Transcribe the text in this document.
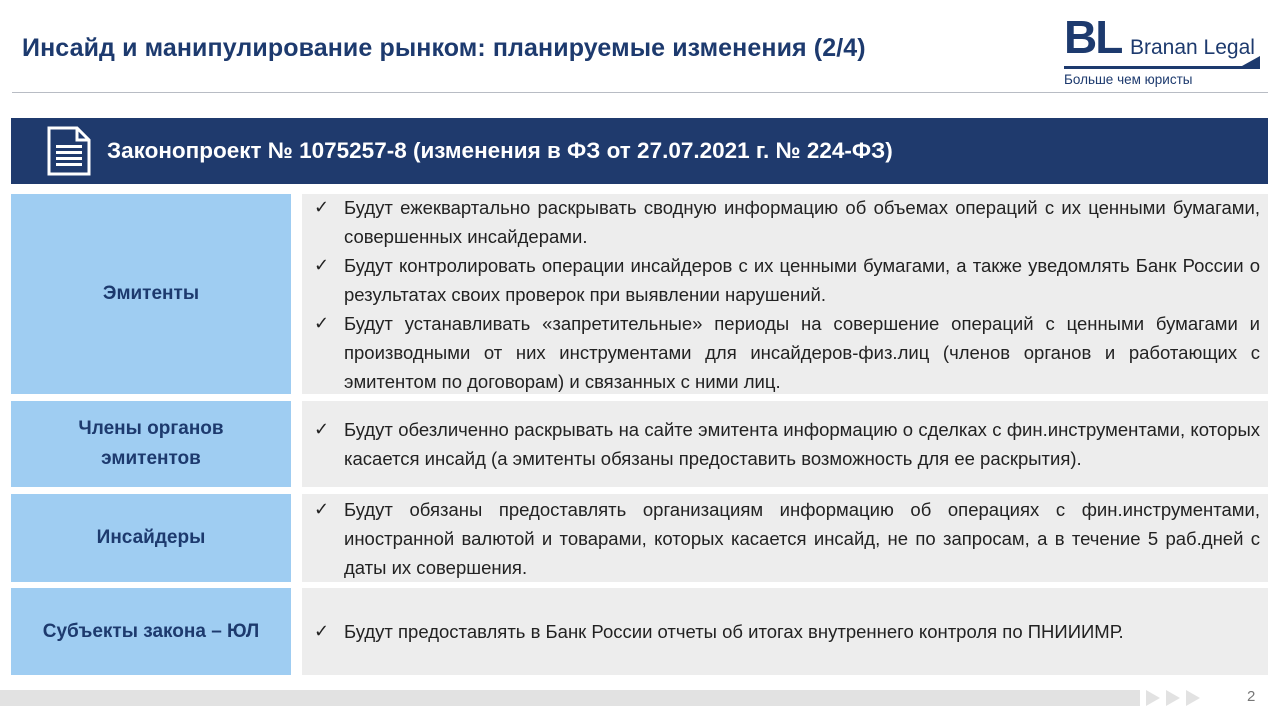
Инсайд и манипулирование рынком: планируемые изменения (2/4)	BL Branan Legal
Больше чем юристы
Законопроект № 1075257-8 (изменения в ФЗ от 27.07.2021 г. № 224-ФЗ)
Эмитенты
✓ Будут ежеквартально раскрывать сводную информацию об объемах операций с их ценными бумагами, совершенных инсайдерами.
✓ Будут контролировать операции инсайдеров с их ценными бумагами, а также уведомлять Банк России о результатах своих проверок при выявлении нарушений.
✓ Будут устанавливать «запретительные» периоды на совершение операций с ценными бумагами и производными от них инструментами для инсайдеров-физ.лиц (членов органов и работающих с эмитентом по договорам) и связанных с ними лиц.
Члены органов
эмитентов
✓ Будут обезличенно раскрывать на сайте эмитента информацию о сделках с фин.инструментами, которых касается инсайд (а эмитенты обязаны предоставить возможность для ее раскрытия).
Инсайдеры
✓ Будут обязаны предоставлять организациям информацию об операциях с фин.инструментами, иностранной валютой и товарами, которых касается инсайд, не по запросам, а в течение 5 раб.дней с даты их совершения.
Субъекты закона – ЮЛ	✓ Будут предоставлять в Банк России отчеты об итогах внутреннего контроля по ПНИИИМР.
2
